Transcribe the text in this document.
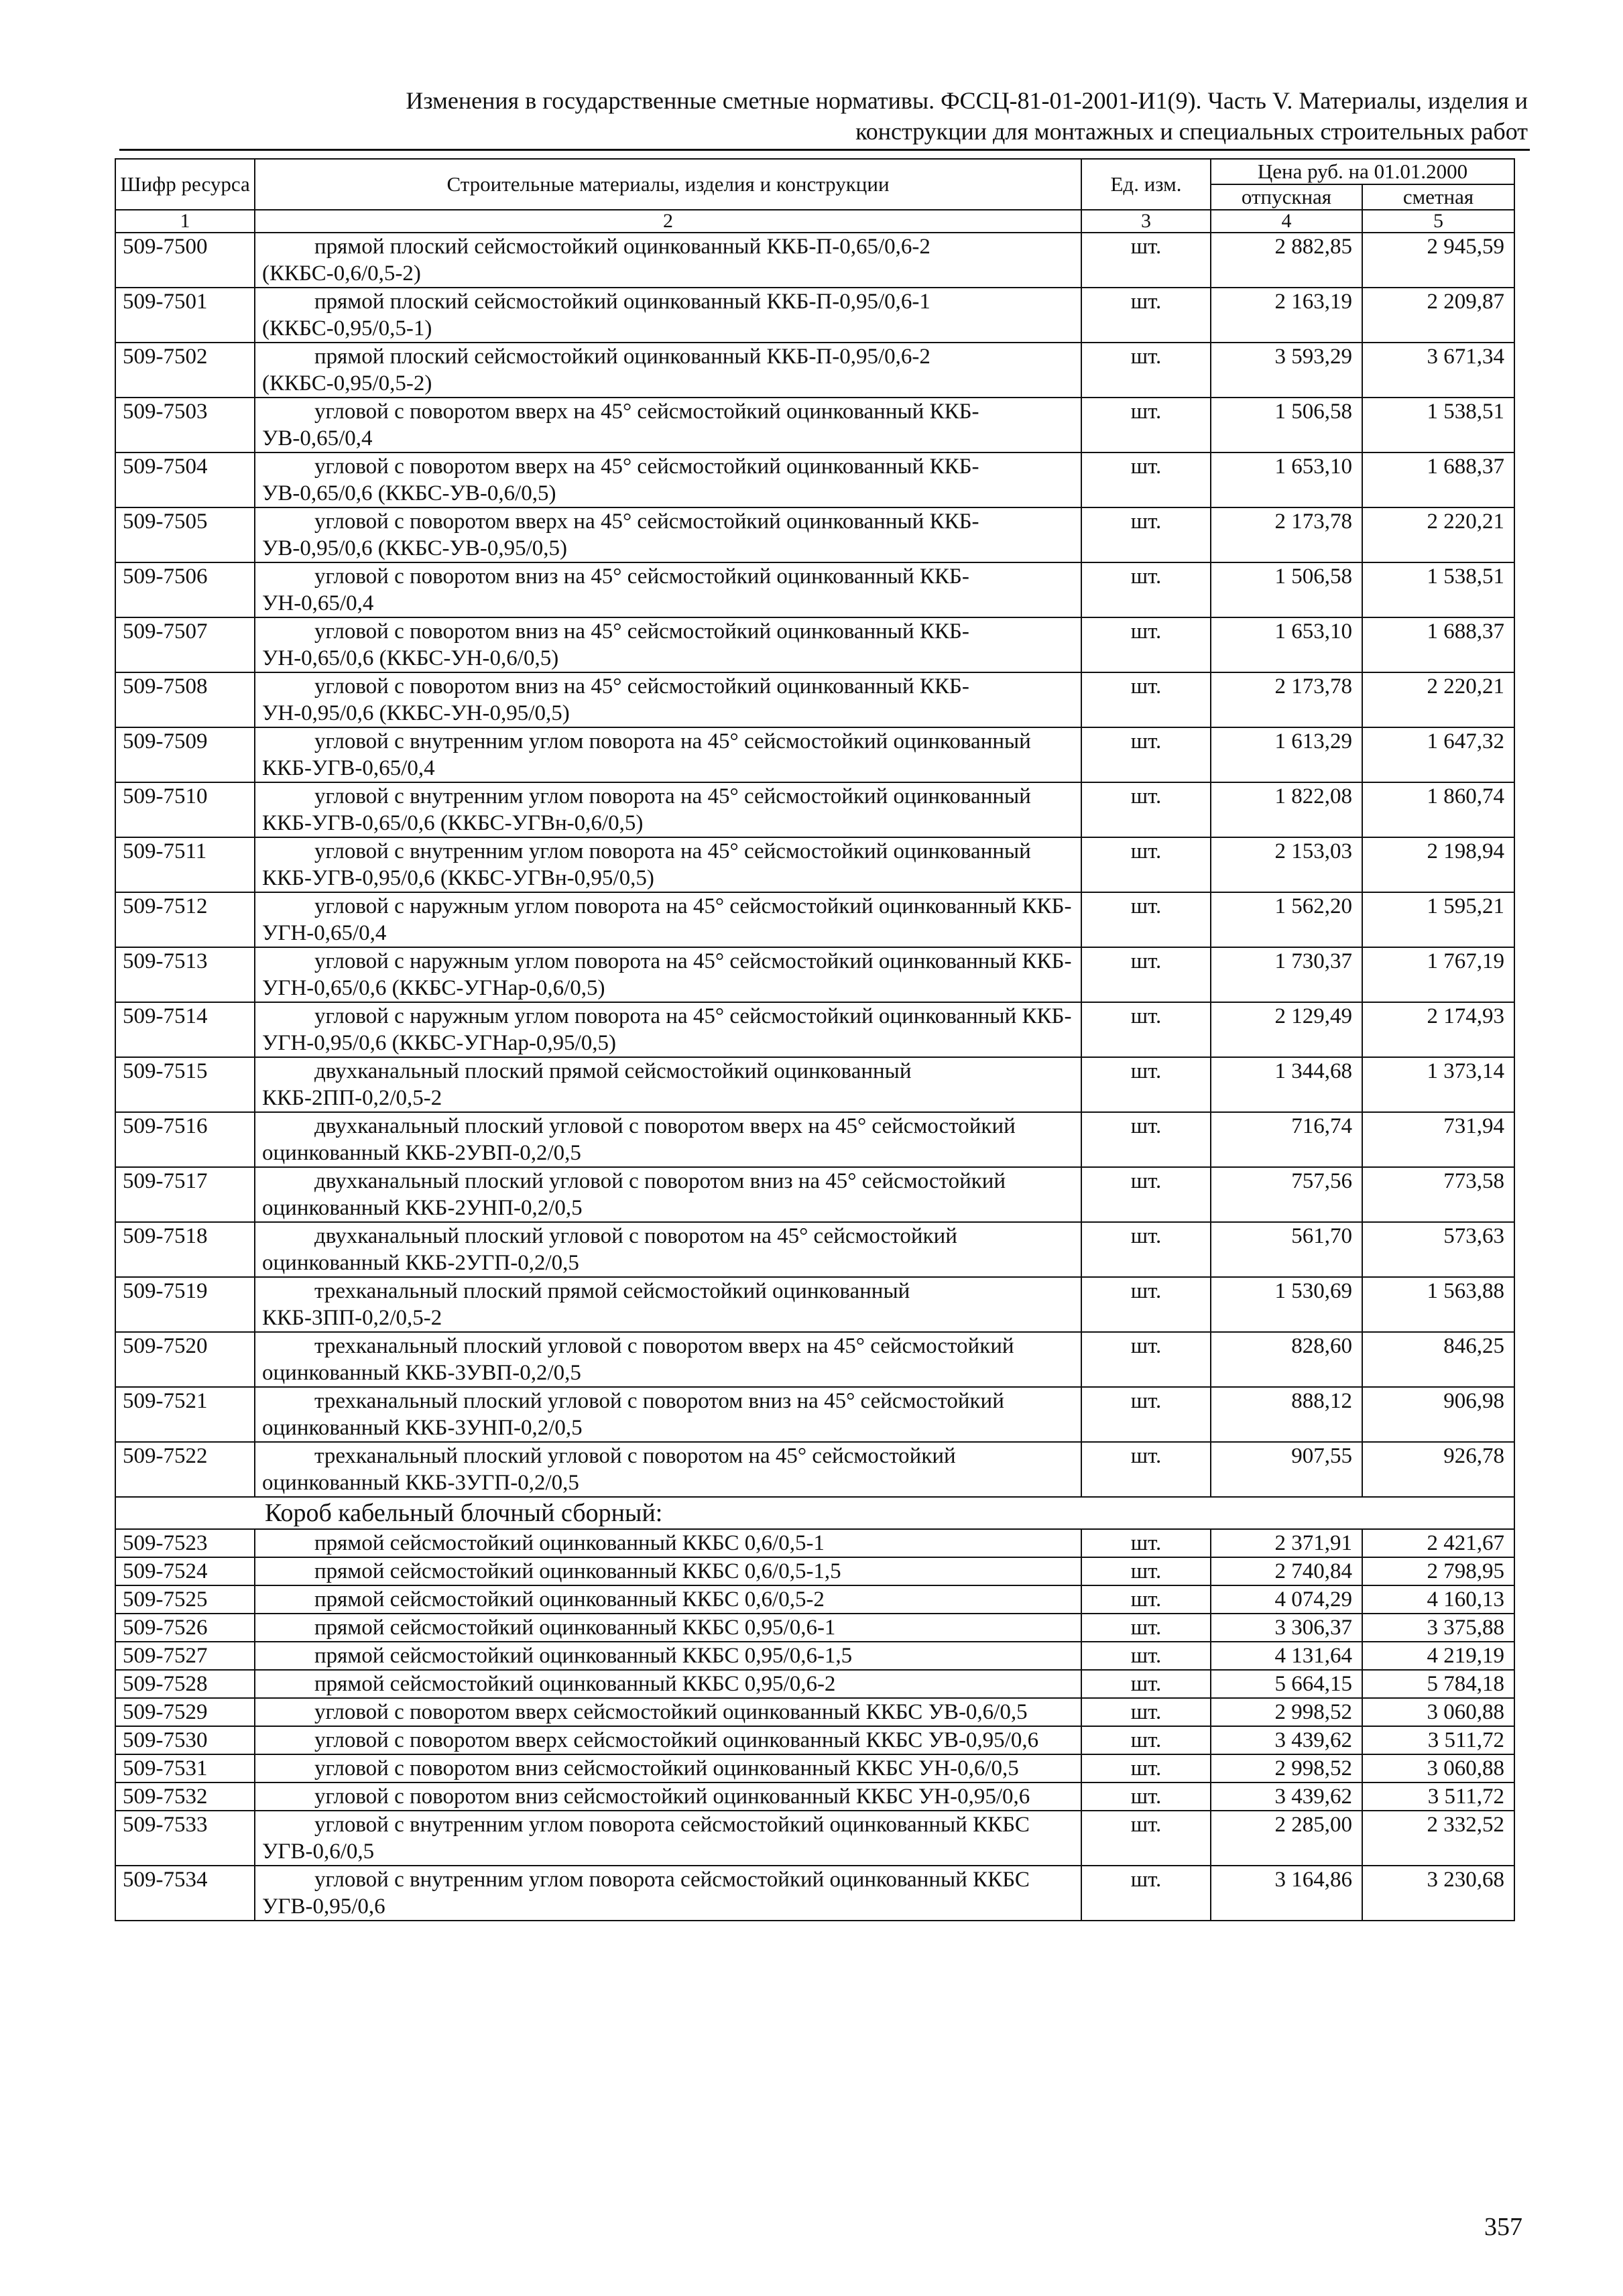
Изменения в государственные сметные нормативы. ФССЦ-81-01-2001-И1(9). Часть V. Материалы, изделия и
конструкции для монтажных и специальных строительных работ
Шифр ресурса	Строительные материалы, изделия и конструкции	Ед. изм.	Цена руб. на 01.01.2000	
			отпускная	сметная
1	2	3	4	5
509-7500	прямой плоский сейсмостойкий оцинкованный ККБ-П-0,65/0,6-2 (ККБС-0,6/0,5-2)	шт.	2 882,85	2 945,59
509-7501	прямой плоский сейсмостойкий оцинкованный ККБ-П-0,95/0,6-1 (ККБС-0,95/0,5-1)	шт.	2 163,19	2 209,87
509-7502	прямой плоский сейсмостойкий оцинкованный ККБ-П-0,95/0,6-2 (ККБС-0,95/0,5-2)	шт.	3 593,29	3 671,34
509-7503	угловой с поворотом вверх на 45° сейсмостойкий оцинкованный ККБ-УВ-0,65/0,4	шт.	1 506,58	1 538,51
509-7504	угловой с поворотом вверх на 45° сейсмостойкий оцинкованный ККБ-УВ-0,65/0,6 (ККБС-УВ-0,6/0,5)	шт.	1 653,10	1 688,37
509-7505	угловой с поворотом вверх на 45° сейсмостойкий оцинкованный ККБ-УВ-0,95/0,6 (ККБС-УВ-0,95/0,5)	шт.	2 173,78	2 220,21
509-7506	угловой с поворотом вниз на 45° сейсмостойкий оцинкованный ККБ-УН-0,65/0,4	шт.	1 506,58	1 538,51
509-7507	угловой с поворотом вниз на 45° сейсмостойкий оцинкованный ККБ-УН-0,65/0,6 (ККБС-УН-0,6/0,5)	шт.	1 653,10	1 688,37
509-7508	угловой с поворотом вниз на 45° сейсмостойкий оцинкованный ККБ-УН-0,95/0,6 (ККБС-УН-0,95/0,5)	шт.	2 173,78	2 220,21
509-7509	угловой с внутренним углом поворота на 45° сейсмостойкий оцинкованный ККБ-УГВ-0,65/0,4	шт.	1 613,29	1 647,32
509-7510	угловой с внутренним углом поворота на 45° сейсмостойкий оцинкованный ККБ-УГВ-0,65/0,6 (ККБС-УГВн-0,6/0,5)	шт.	1 822,08	1 860,74
509-7511	угловой с внутренним углом поворота на 45° сейсмостойкий оцинкованный ККБ-УГВ-0,95/0,6 (ККБС-УГВн-0,95/0,5)	шт.	2 153,03	2 198,94
509-7512	угловой с наружным углом поворота на 45° сейсмостойкий оцинкованный ККБ-УГН-0,65/0,4	шт.	1 562,20	1 595,21
509-7513	угловой с наружным углом поворота на 45° сейсмостойкий оцинкованный ККБ-УГН-0,65/0,6 (ККБС-УГНар-0,6/0,5)	шт.	1 730,37	1 767,19
509-7514	угловой с наружным углом поворота на 45° сейсмостойкий оцинкованный ККБ-УГН-0,95/0,6 (ККБС-УГНар-0,95/0,5)	шт.	2 129,49	2 174,93
509-7515	двухканальный плоский прямой сейсмостойкий оцинкованный ККБ-2ПП-0,2/0,5-2	шт.	1 344,68	1 373,14
509-7516	двухканальный плоский угловой с поворотом вверх на 45° сейсмостойкий оцинкованный ККБ-2УВП-0,2/0,5	шт.	716,74	731,94
509-7517	двухканальный плоский угловой с поворотом вниз на 45° сейсмостойкий оцинкованный ККБ-2УНП-0,2/0,5	шт.	757,56	773,58
509-7518	двухканальный плоский угловой с поворотом на 45° сейсмостойкий оцинкованный ККБ-2УГП-0,2/0,5	шт.	561,70	573,63
509-7519	трехканальный плоский прямой сейсмостойкий оцинкованный ККБ-3ПП-0,2/0,5-2	шт.	1 530,69	1 563,88
509-7520	трехканальный плоский угловой с поворотом вверх на 45° сейсмостойкий оцинкованный ККБ-3УВП-0,2/0,5	шт.	828,60	846,25
509-7521	трехканальный плоский угловой с поворотом вниз на 45° сейсмостойкий оцинкованный ККБ-3УНП-0,2/0,5	шт.	888,12	906,98
509-7522	трехканальный плоский угловой с поворотом на 45° сейсмостойкий оцинкованный ККБ-3УГП-0,2/0,5	шт.	907,55	926,78
Короб кабельный блочный сборный:				
509-7523	прямой сейсмостойкий оцинкованный ККБС 0,6/0,5-1	шт.	2 371,91	2 421,67
509-7524	прямой сейсмостойкий оцинкованный ККБС 0,6/0,5-1,5	шт.	2 740,84	2 798,95
509-7525	прямой сейсмостойкий оцинкованный ККБС 0,6/0,5-2	шт.	4 074,29	4 160,13
509-7526	прямой сейсмостойкий оцинкованный ККБС 0,95/0,6-1	шт.	3 306,37	3 375,88
509-7527	прямой сейсмостойкий оцинкованный ККБС 0,95/0,6-1,5	шт.	4 131,64	4 219,19
509-7528	прямой сейсмостойкий оцинкованный ККБС 0,95/0,6-2	шт.	5 664,15	5 784,18
509-7529	угловой с поворотом вверх сейсмостойкий оцинкованный ККБС УВ-0,6/0,5	шт.	2 998,52	3 060,88
509-7530	угловой с поворотом вверх сейсмостойкий оцинкованный ККБС УВ-0,95/0,6	шт.	3 439,62	3 511,72
509-7531	угловой с поворотом вниз сейсмостойкий оцинкованный ККБС УН-0,6/0,5	шт.	2 998,52	3 060,88
509-7532	угловой с поворотом вниз сейсмостойкий оцинкованный ККБС УН-0,95/0,6	шт.	3 439,62	3 511,72
509-7533	угловой с внутренним углом поворота сейсмостойкий оцинкованный ККБС УГВ-0,6/0,5	шт.	2 285,00	2 332,52
509-7534	угловой с внутренним углом поворота сейсмостойкий оцинкованный ККБС УГВ-0,95/0,6	шт.	3 164,86	3 230,68
357
